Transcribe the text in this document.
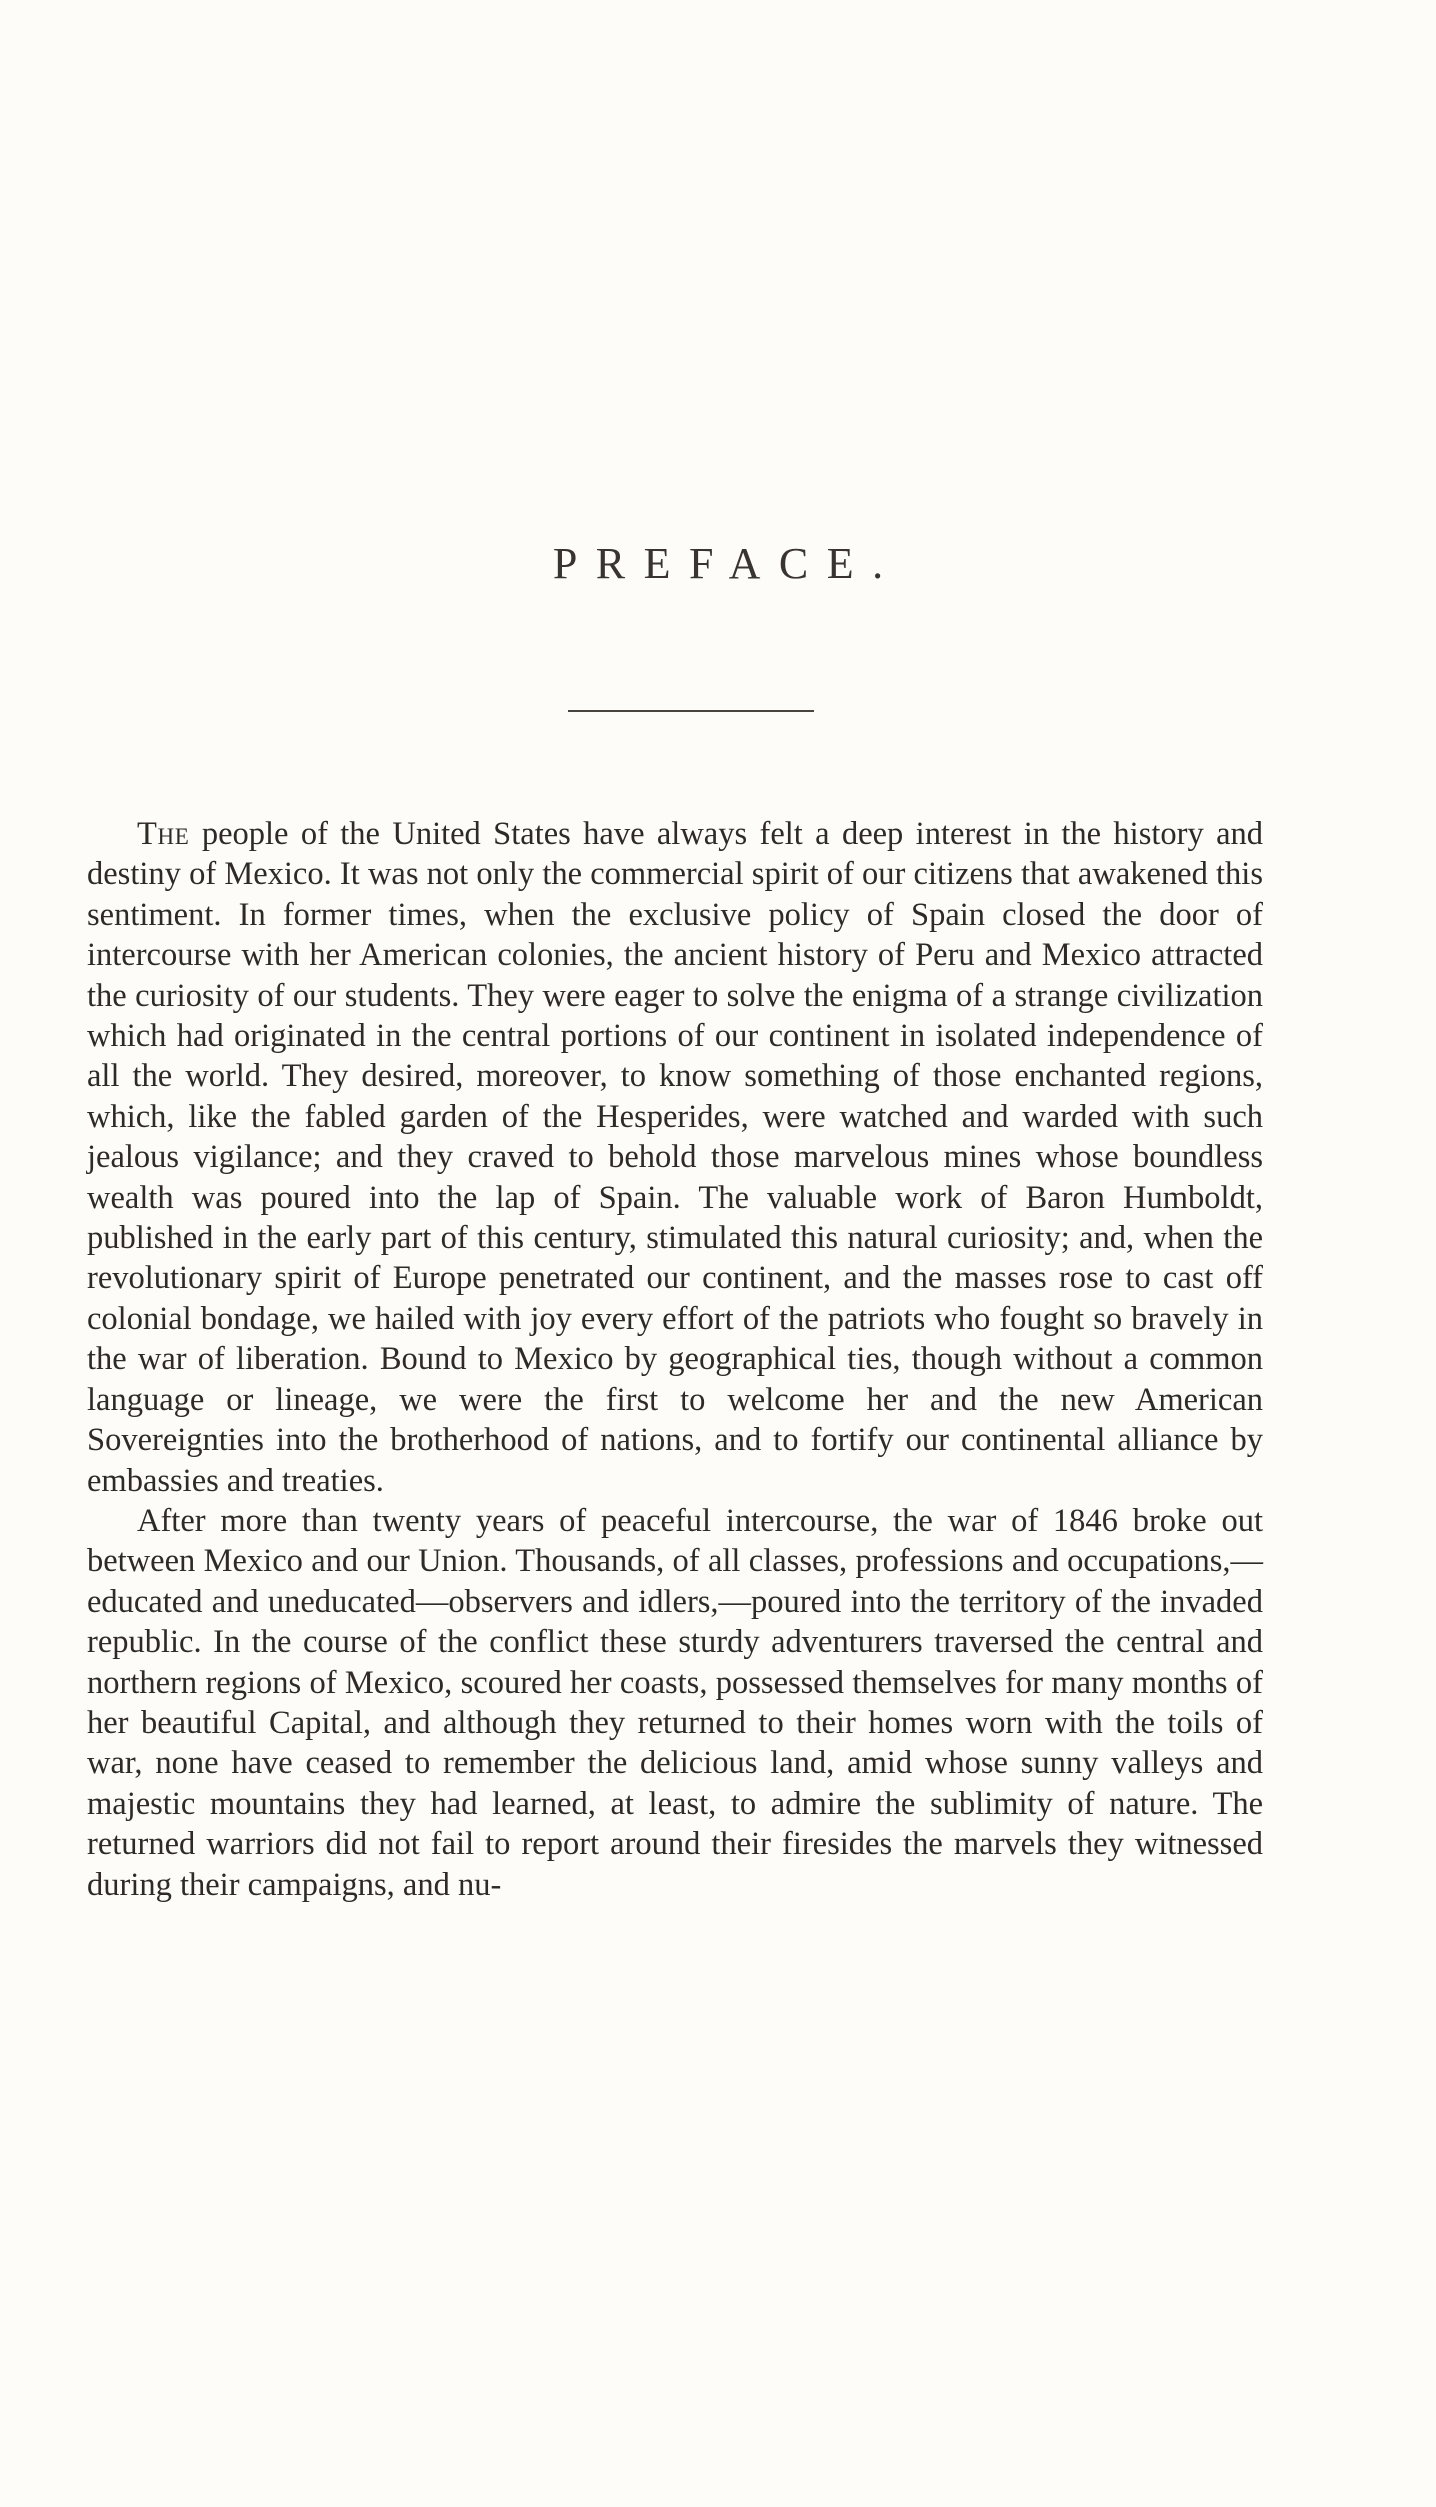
PREFACE.

The people of the United States have always felt a deep interest in the history and destiny of Mexico. It was not only the commercial spirit of our citizens that awakened this sentiment. In former times, when the exclusive policy of Spain closed the door of intercourse with her American colonies, the ancient history of Peru and Mexico attracted the curiosity of our students. They were eager to solve the enigma of a strange civilization which had originated in the central portions of our continent in isolated independence of all the world. They desired, moreover, to know something of those enchanted regions, which, like the fabled garden of the Hesperides, were watched and warded with such jealous vigilance; and they craved to behold those marvelous mines whose boundless wealth was poured into the lap of Spain. The valuable work of Baron Humboldt, published in the early part of this century, stimulated this natural curiosity; and, when the revolutionary spirit of Europe penetrated our continent, and the masses rose to cast off colonial bondage, we hailed with joy every effort of the patriots who fought so bravely in the war of liberation. Bound to Mexico by geographical ties, though without a common language or lineage, we were the first to welcome her and the new American Sovereignties into the brotherhood of nations, and to fortify our continental alliance by embassies and treaties.

After more than twenty years of peaceful intercourse, the war of 1846 broke out between Mexico and our Union. Thousands, of all classes, professions and occupations,—educated and uneducated—observers and idlers,—poured into the territory of the invaded republic. In the course of the conflict these sturdy adventurers traversed the central and northern regions of Mexico, scoured her coasts, possessed themselves for many months of her beautiful Capital, and although they returned to their homes worn with the toils of war, none have ceased to remember the delicious land, amid whose sunny valleys and majestic mountains they had learned, at least, to admire the sublimity of nature. The returned warriors did not fail to report around their firesides the marvels they witnessed during their campaigns, and nu-
